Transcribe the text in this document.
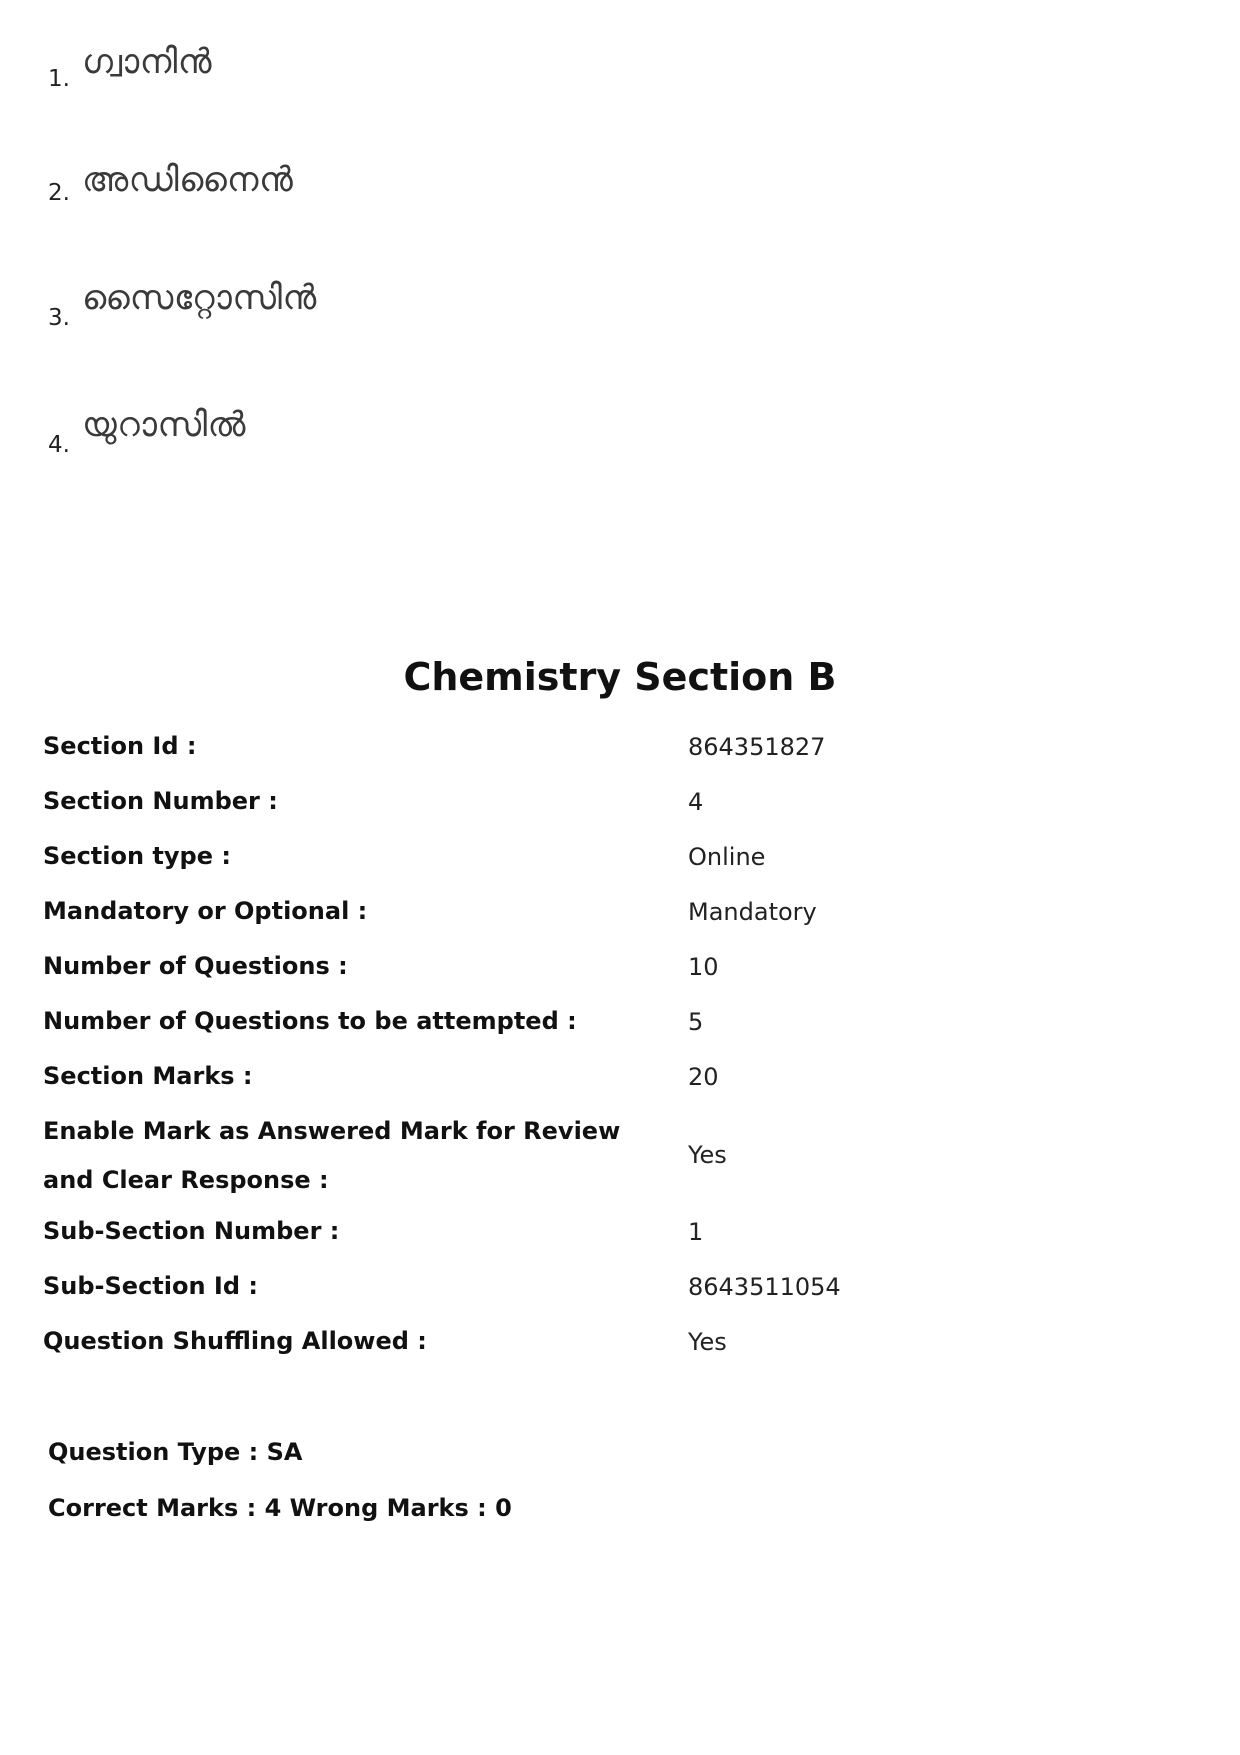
1. ഗ്വാനിൻ
2. അഡിനൈൻ
3. സൈറ്റോസിൻ
4. യുറാസിൽ
Chemistry Section B
Section Id :	864351827
Section Number :	4
Section type :	Online
Mandatory or Optional :	Mandatory
Number of Questions :	10
Number of Questions to be attempted :	5
Section Marks :	20
Enable Mark as Answered Mark for Review and Clear Response :
Yes
Sub-Section Number :	1
Sub-Section Id :	8643511054
Question Shuffling Allowed :	Yes
Question Type : SA
Correct Marks : 4 Wrong Marks : 0
